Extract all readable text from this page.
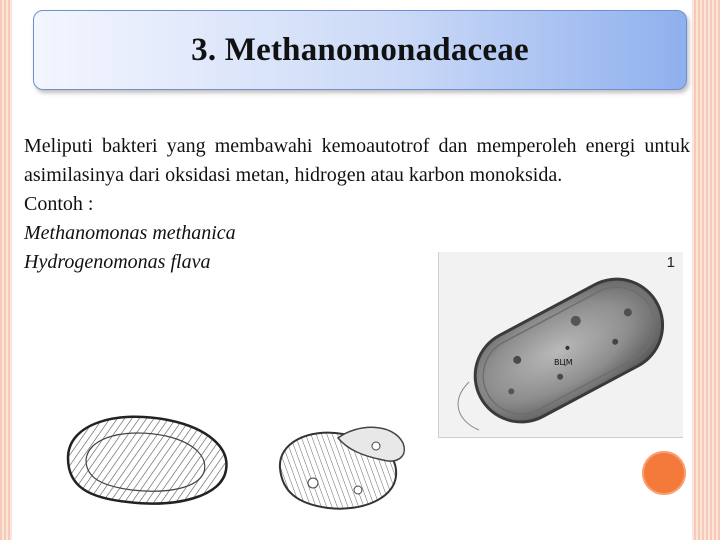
3. Methanomonadaceae

Meliputi bakteri yang membawahi kemoautotrof dan memperoleh energi untuk asimilasinya dari oksidasi metan, hidrogen atau karbon monoksida.

Contoh :

Methanomonas methanica

Hydrogenomonas flava	1
BЦМ
